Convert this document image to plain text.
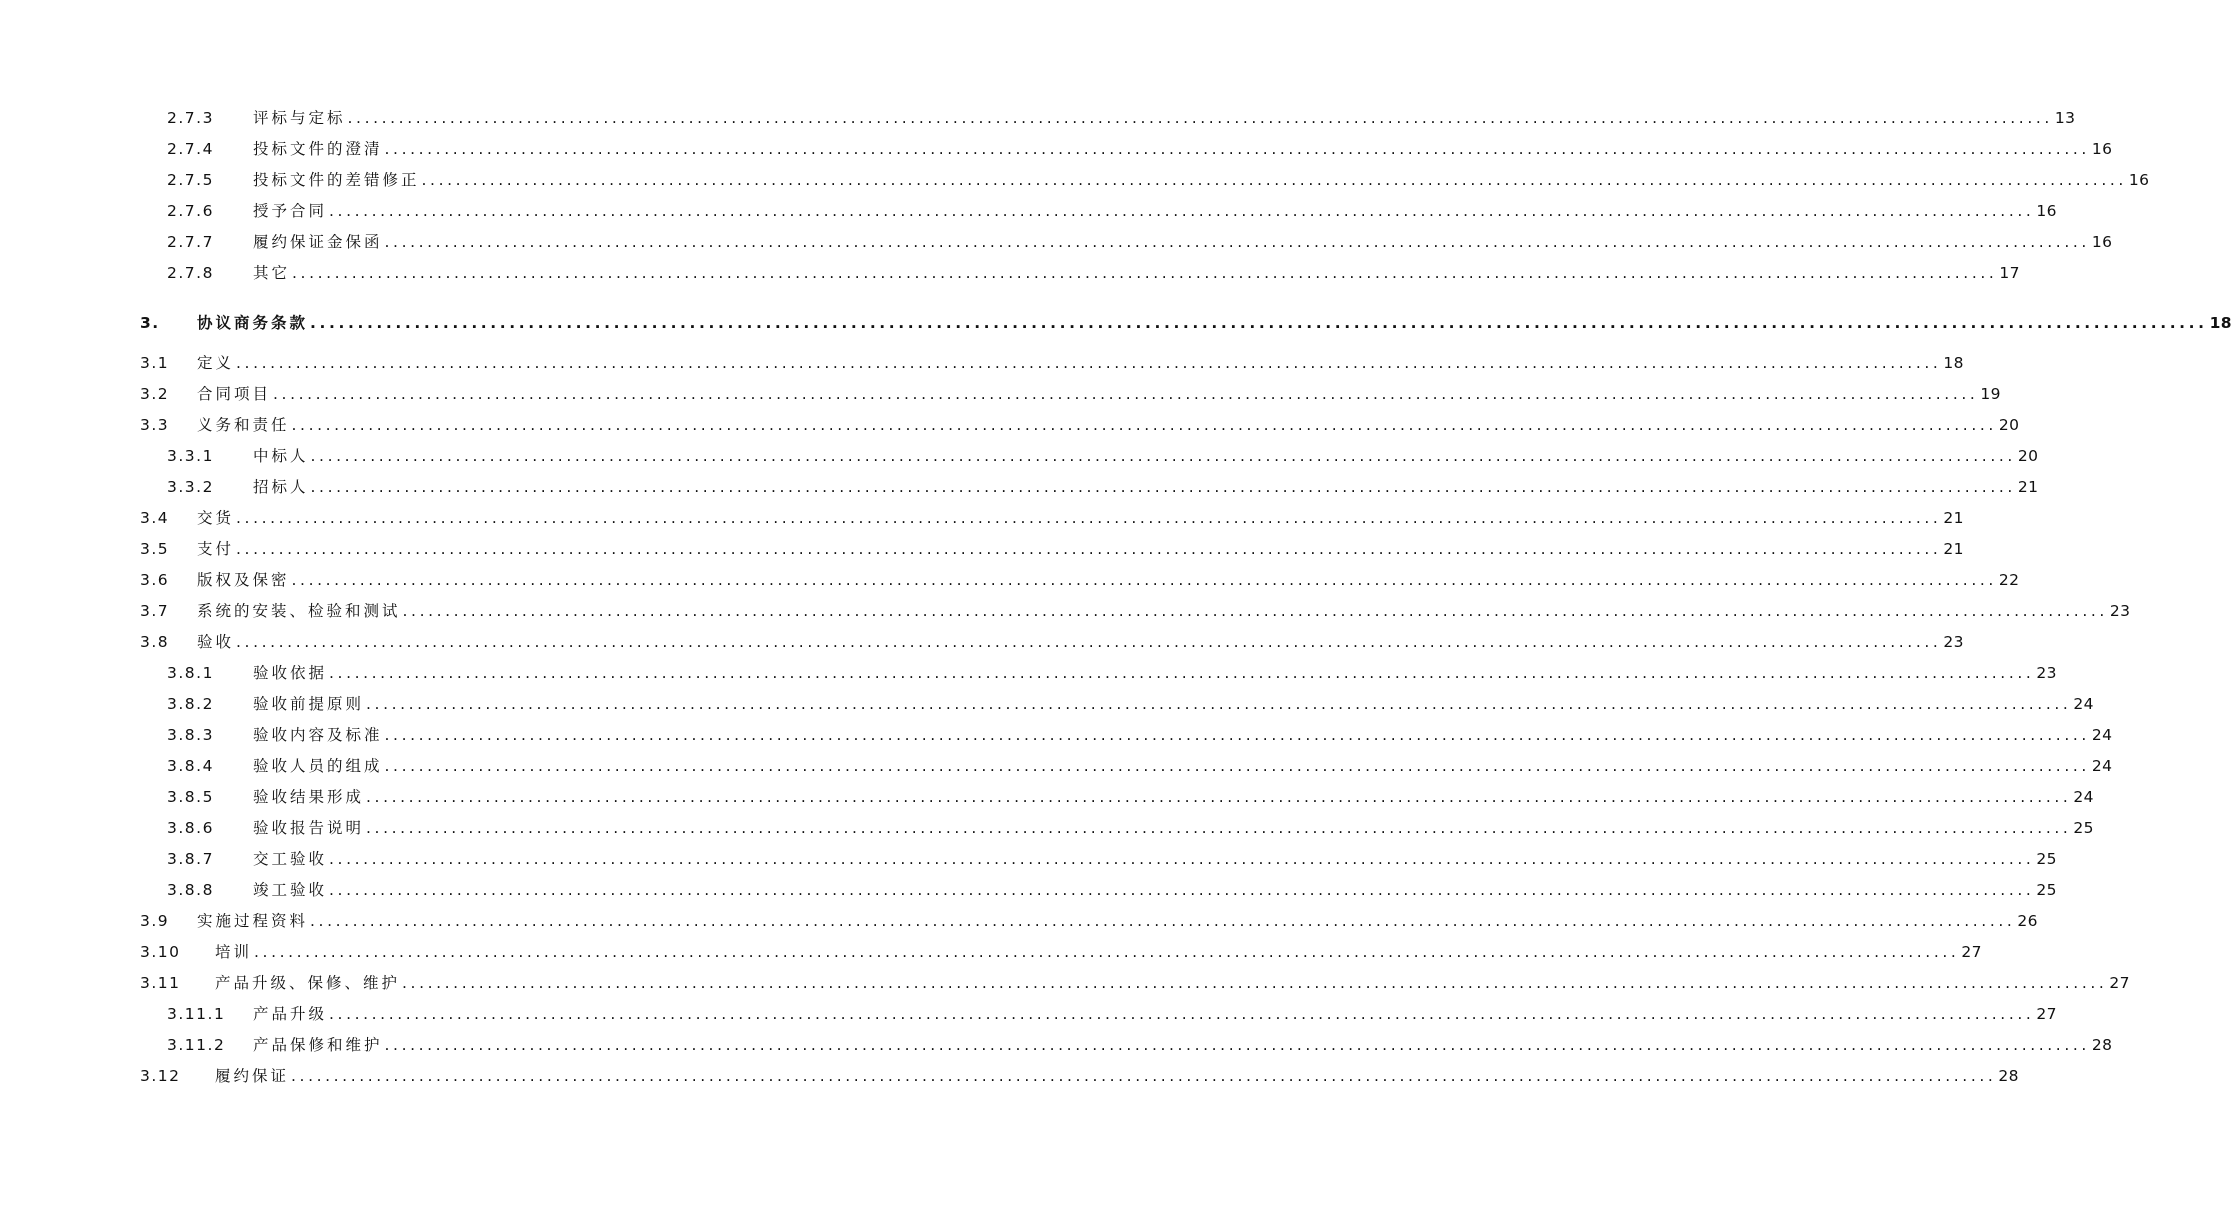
2.7.3	评标与定标 ........................................................................................................................................................................................................ 13
2.7.4	投标文件的澄清 ........................................................................................................................................................................................................ 16
2.7.5	投标文件的差错修正 ........................................................................................................................................................................................................ 16
2.7.6	授予合同 ........................................................................................................................................................................................................ 16
2.7.7	履约保证金保函 ........................................................................................................................................................................................................ 16
2.7.8	其它 ........................................................................................................................................................................................................ 17
3. 协议商务条款 ........................................................................................................................................................................................................ 18
3.1 定义 ........................................................................................................................................................................................................ 18
3.2 合同项目 ........................................................................................................................................................................................................ 19
3.3 义务和责任 ........................................................................................................................................................................................................ 20
3.3.1	中标人 ........................................................................................................................................................................................................ 20
3.3.2	招标人 ........................................................................................................................................................................................................ 21
3.4 交货 ........................................................................................................................................................................................................ 21
3.5 支付 ........................................................................................................................................................................................................ 21
3.6 版权及保密 ........................................................................................................................................................................................................ 22
3.7 系统的安装、检验和测试 ........................................................................................................................................................................................................ 23
3.8 验收 ........................................................................................................................................................................................................ 23
3.8.1	验收依据 ........................................................................................................................................................................................................ 23
3.8.2	验收前提原则 ........................................................................................................................................................................................................ 24
3.8.3	验收内容及标准 ........................................................................................................................................................................................................ 24
3.8.4	验收人员的组成 ........................................................................................................................................................................................................ 24
3.8.5	验收结果形成 ........................................................................................................................................................................................................ 24
3.8.6	验收报告说明 ........................................................................................................................................................................................................ 25
3.8.7	交工验收 ........................................................................................................................................................................................................ 25
3.8.8	竣工验收 ........................................................................................................................................................................................................ 25
3.9 实施过程资料 ........................................................................................................................................................................................................ 26
3.10 培训 ........................................................................................................................................................................................................ 27
3.11 产品升级、保修、维护 ........................................................................................................................................................................................................ 27
3.11.1 产品升级 ........................................................................................................................................................................................................ 27
3.11.2 产品保修和维护 ........................................................................................................................................................................................................ 28
3.12 履约保证 ........................................................................................................................................................................................................ 28
